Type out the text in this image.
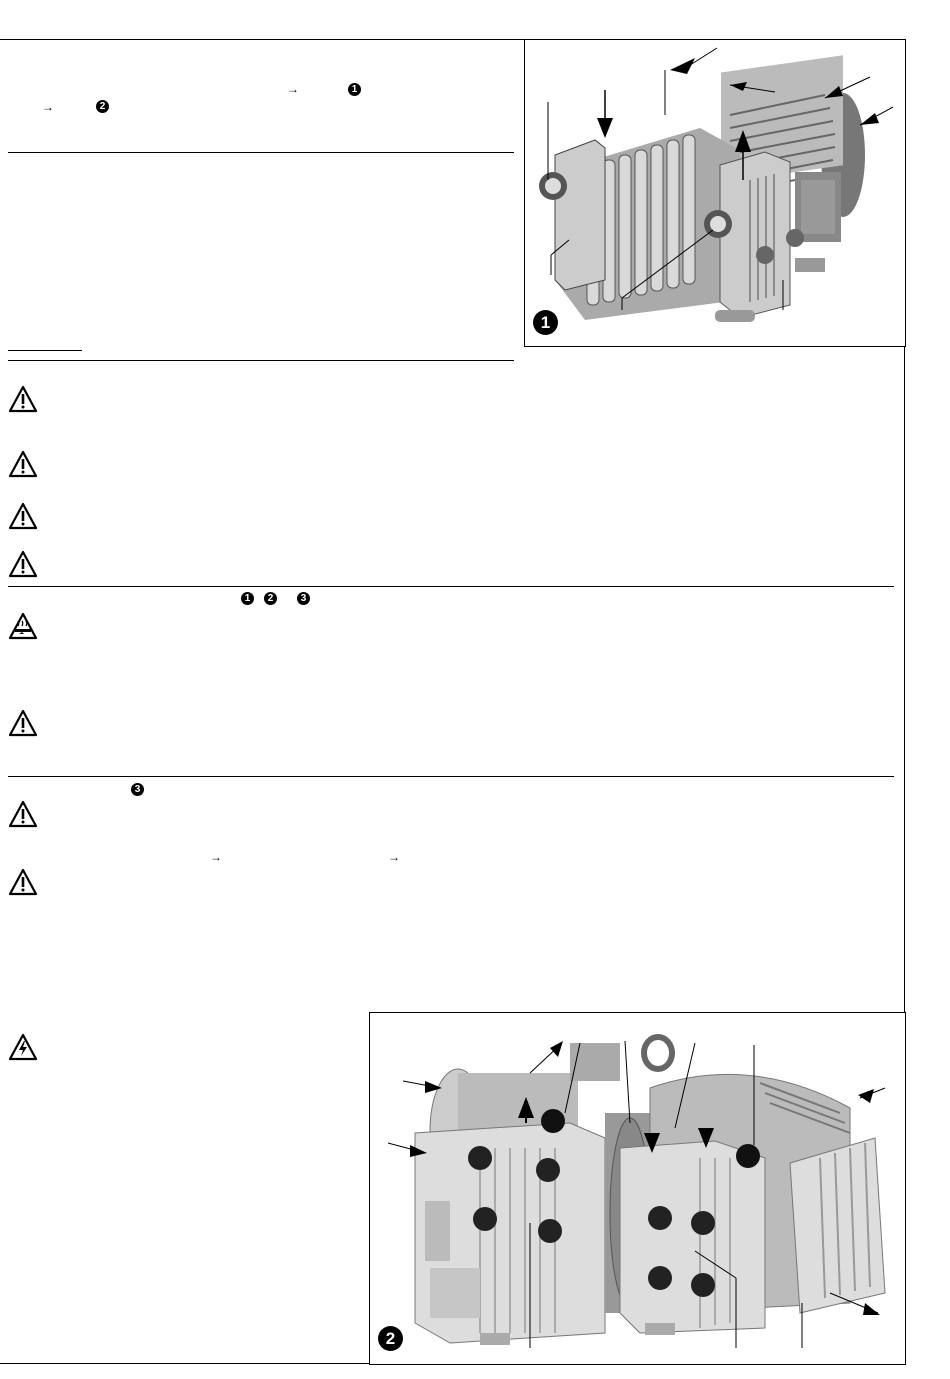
→	1
→	2
1
1	2	3
3
→	→
2
